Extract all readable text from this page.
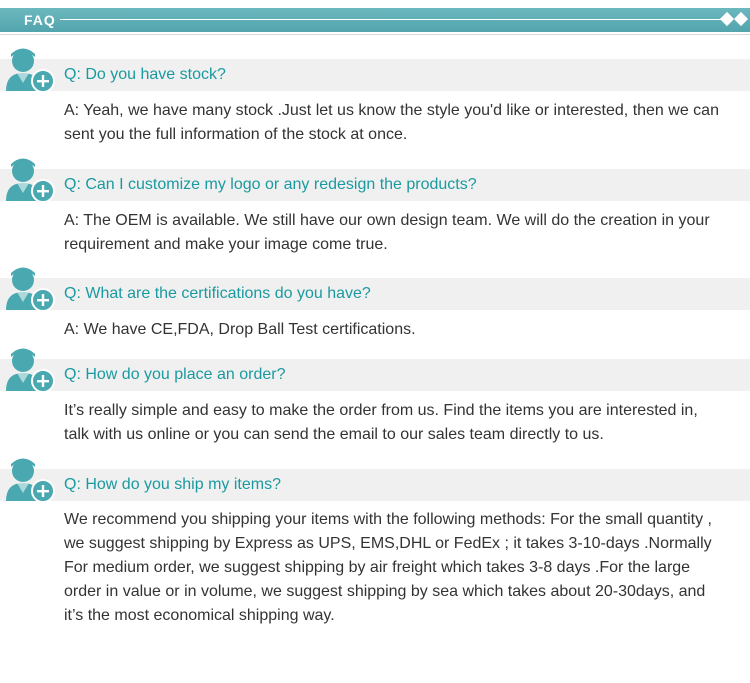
FAQ
Q: Do you have stock?

A: Yeah, we have many stock .Just let us know the style you'd like or interested, then we can sent you the full information of the stock at once.

Q: Can I customize my logo or any redesign the products?

A: The OEM is available. We still have our own design team. We will do the creation in your requirement and make your image come true.

Q: What are the certifications do you have?

A: We have CE,FDA, Drop Ball Test certifications.

Q: How do you place an order?

It’s really simple and easy to make the order from us. Find the items you are interested in, talk with us online or you can send the email to our sales team directly to us.

Q: How do you ship my items?

We recommend you shipping your items with the following methods: For the small quantity , we suggest shipping by Express as UPS, EMS,DHL or FedEx ; it takes 3-10-days .Normally For medium order, we suggest shipping by air freight which takes 3-8 days .For the large order in value or in volume, we suggest shipping by sea which takes about 20-30days, and it’s the most economical shipping way.
